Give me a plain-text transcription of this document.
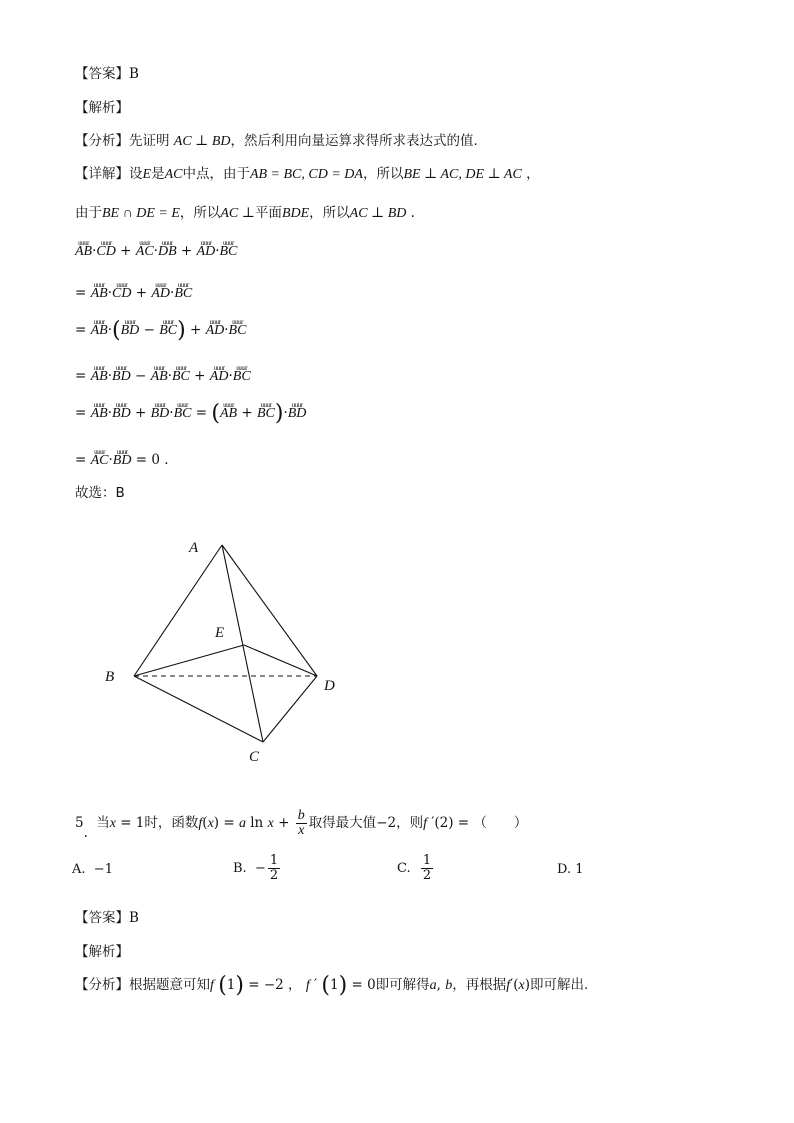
【答案】B
【解析】
【分析】先证明 AC ⊥ BD，然后利用向量运算求得所求表达式的值.
【详解】设E是AC中点，由于AB = BC, CD = DA，所以BE ⊥ AC, DE ⊥ AC ，
由于BE ∩ DE = E，所以AC ⊥平面BDE，所以AC ⊥ BD .
uuur AB·uuur CD + uuur AC·uuur DB + uuur AD·uuur BC
= uuur AB·uuur CD + uuur AD·uuur BC
= uuur AB·(uuur BD − uuur BC) + uuur AD·uuur BC
= uuur AB·uuur BD − uuur AB·uuur BC + uuur AD·uuur BC
= uuur AB·uuur BD + uuur BD·uuur BC = (uuur AB + uuur BC)·uuur BD
= uuur AC·uuur BD = 0 .
故选：B
A
B
C
D
E
5. 当x = 1时，函数f(x) = a $\ln x + \frac{b}{x}$ 取得最大值−2，则f ′(2) = （　　）
A. −1	B. − $\frac{1}{2}$	C. $\frac{1}{2}$	D. 1
【答案】B
【解析】
【分析】根据题意可知f (1) = −2 ， f ′ (1) = 0即可解得a, b，再根据f′(x)即可解出.
